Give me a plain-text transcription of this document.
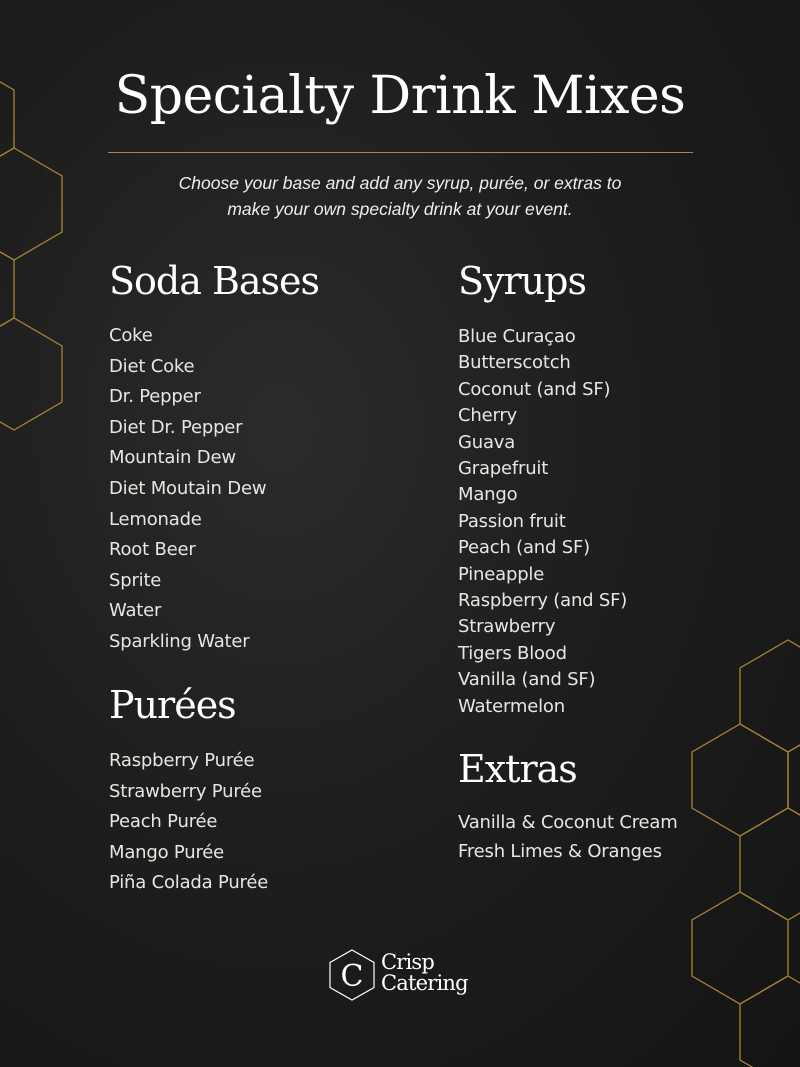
Specialty Drink Mixes
Choose your base and add any syrup, purée, or extras to
make your own specialty drink at your event.
Soda Bases
Coke
Diet Coke
Dr. Pepper
Diet Dr. Pepper
Mountain Dew
Diet Moutain Dew
Lemonade
Root Beer
Sprite
Water
Sparkling Water
Purées
Raspberry Purée
Strawberry Purée
Peach Purée
Mango Purée
Piña Colada Purée
Syrups
Blue Curaçao
Butterscotch
Coconut (and SF)
Cherry
Guava
Grapefruit
Mango
Passion fruit
Peach (and SF)
Pineapple
Raspberry (and SF)
Strawberry
Tigers Blood
Vanilla (and SF)
Watermelon
Extras
Vanilla & Coconut Cream
Fresh Limes & Oranges
C Crisp
Catering
